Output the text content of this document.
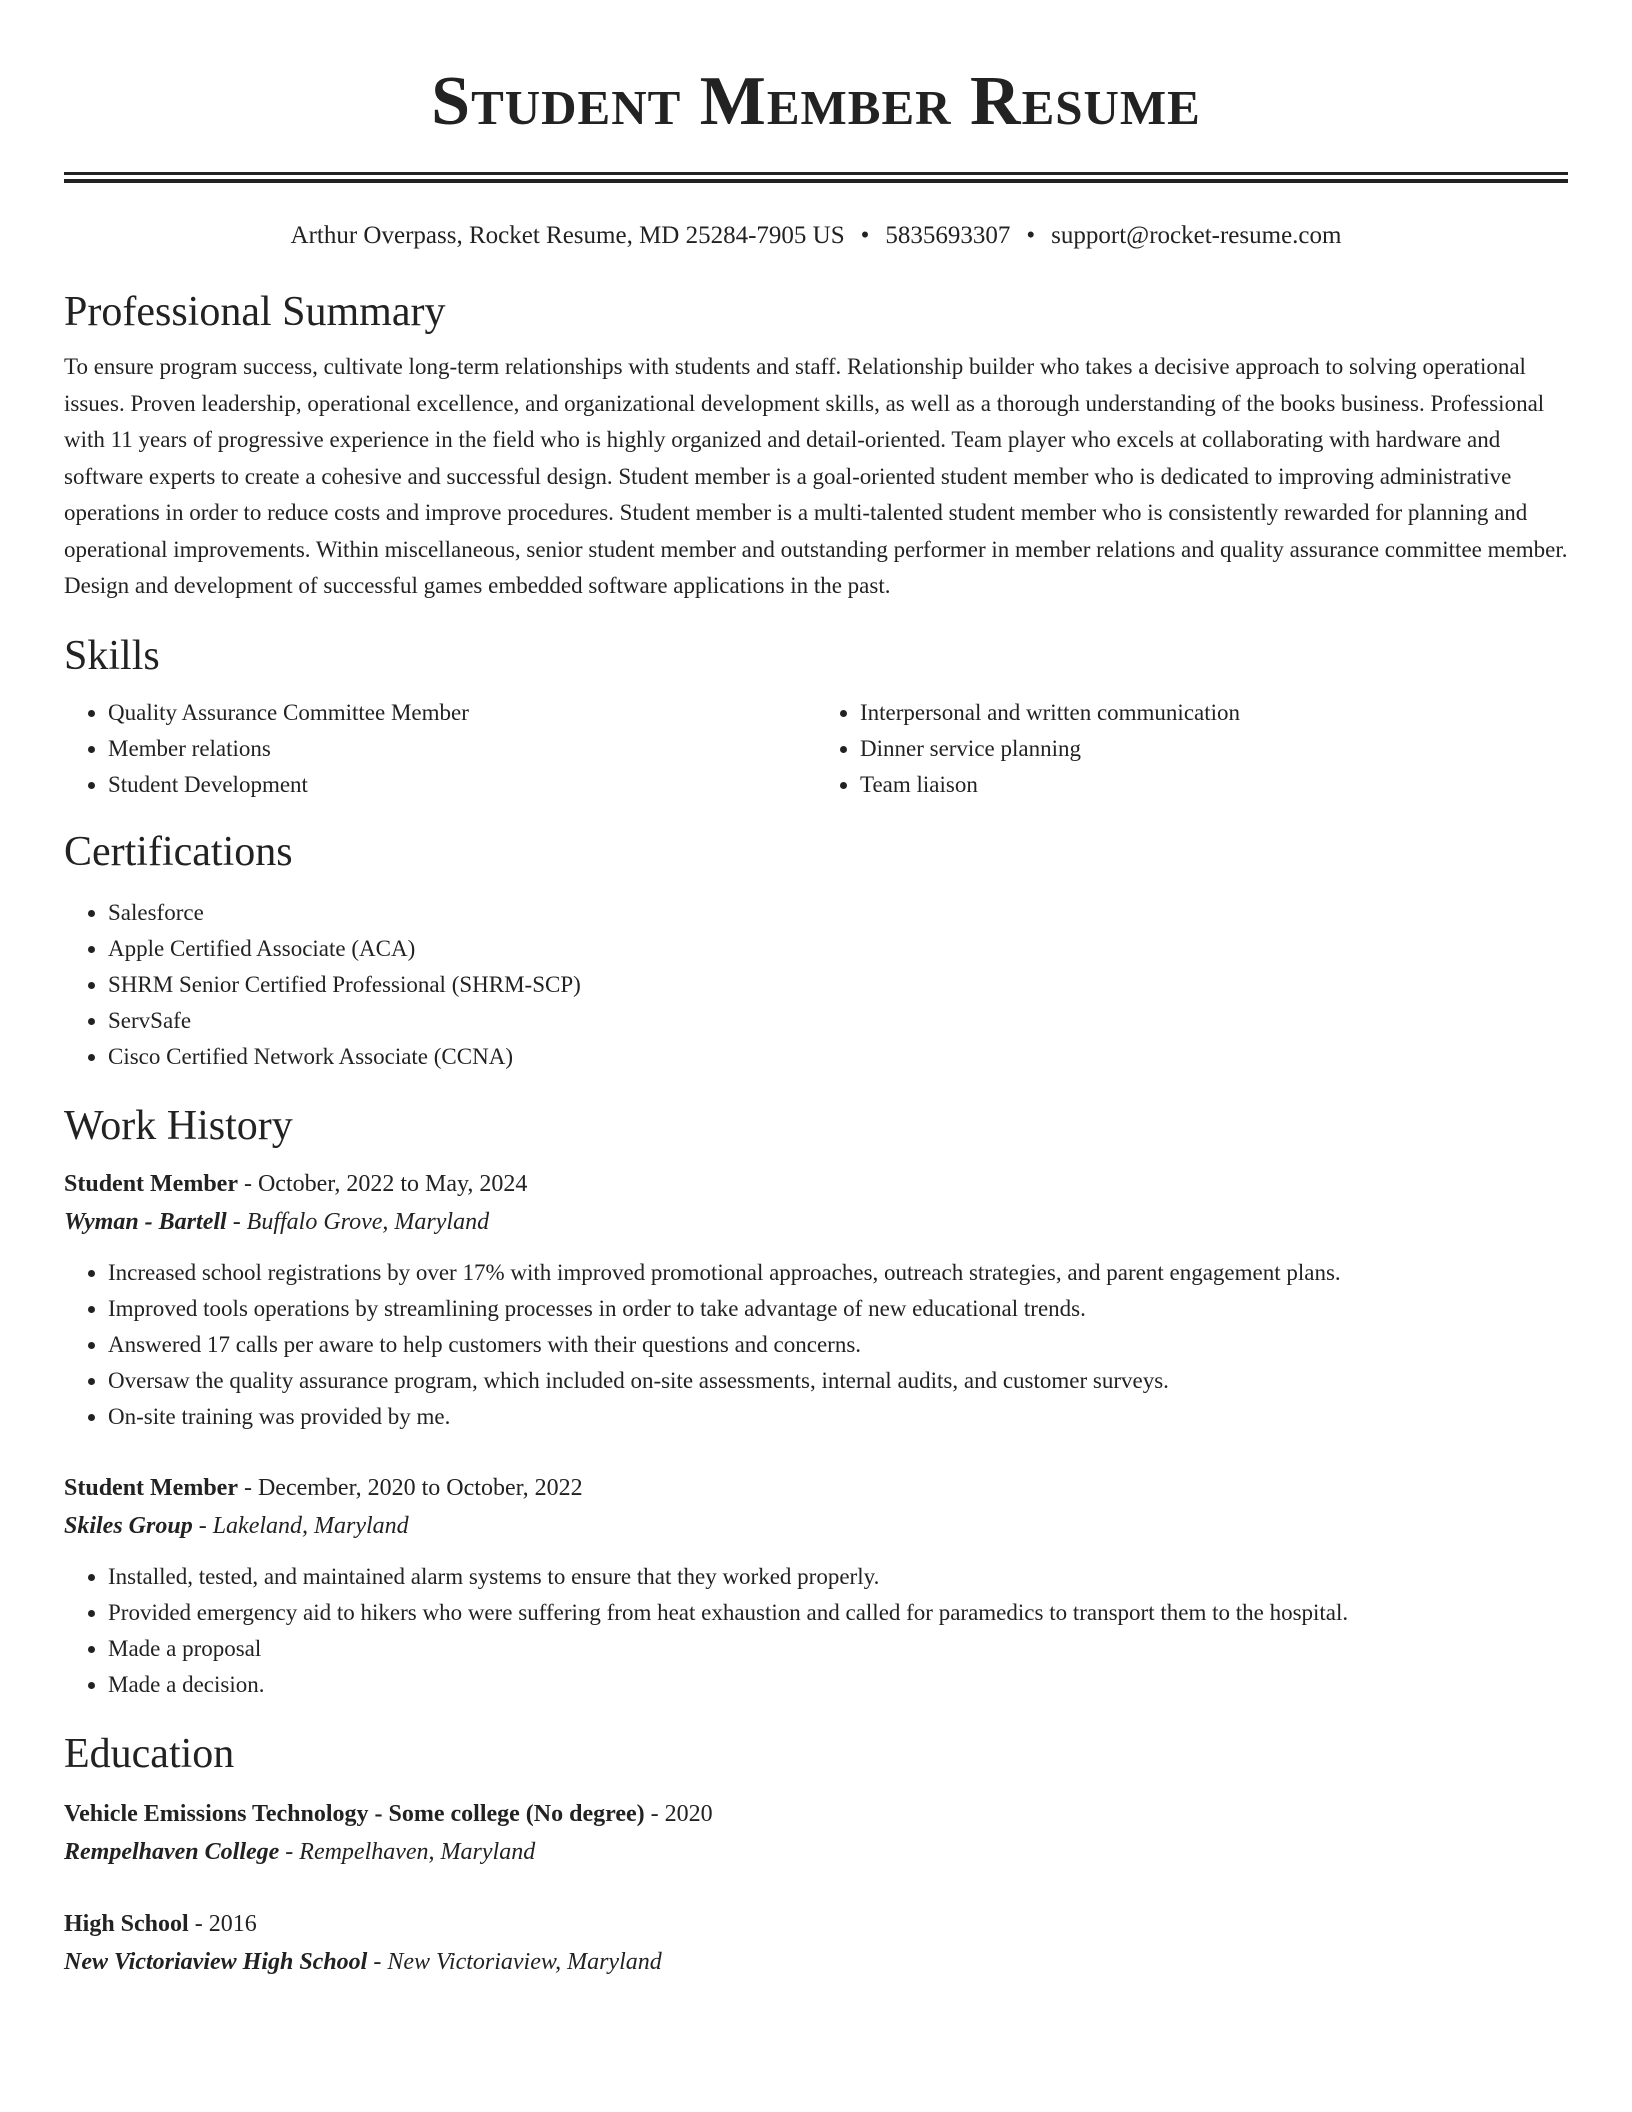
Student Member Resume
Arthur Overpass, Rocket Resume, MD 25284-7905 US • 5835693307 • support@rocket-resume.com
Professional Summary

To ensure program success, cultivate long-term relationships with students and staff. Relationship builder who takes a decisive approach to solving operational issues. Proven leadership, operational excellence, and organizational development skills, as well as a thorough understanding of the books business. Professional with 11 years of progressive experience in the field who is highly organized and detail-oriented. Team player who excels at collaborating with hardware and software experts to create a cohesive and successful design. Student member is a goal-oriented student member who is dedicated to improving administrative operations in order to reduce costs and improve procedures. Student member is a multi-talented student member who is consistently rewarded for planning and operational improvements. Within miscellaneous, senior student member and outstanding performer in member relations and quality assurance committee member. Design and development of successful games embedded software applications in the past.

Skills
• Quality Assurance Committee Member
• Member relations
• Student Development
• Interpersonal and written communication
• Dinner service planning
• Team liaison
Certifications
• Salesforce
• Apple Certified Associate (ACA)
• SHRM Senior Certified Professional (SHRM-SCP)
• ServSafe
• Cisco Certified Network Associate (CCNA)
Work History
Student Member - October, 2022 to May, 2024
Wyman - Bartell - Buffalo Grove, Maryland
• Increased school registrations by over 17% with improved promotional approaches, outreach strategies, and parent engagement plans.
• Improved tools operations by streamlining processes in order to take advantage of new educational trends.
• Answered 17 calls per aware to help customers with their questions and concerns.
• Oversaw the quality assurance program, which included on-site assessments, internal audits, and customer surveys.
• On-site training was provided by me.
Student Member - December, 2020 to October, 2022
Skiles Group - Lakeland, Maryland
• Installed, tested, and maintained alarm systems to ensure that they worked properly.
• Provided emergency aid to hikers who were suffering from heat exhaustion and called for paramedics to transport them to the hospital.
• Made a proposal
• Made a decision.
Education
Vehicle Emissions Technology - Some college (No degree) - 2020
Rempelhaven College - Rempelhaven, Maryland
High School - 2016
New Victoriaview High School - New Victoriaview, Maryland
